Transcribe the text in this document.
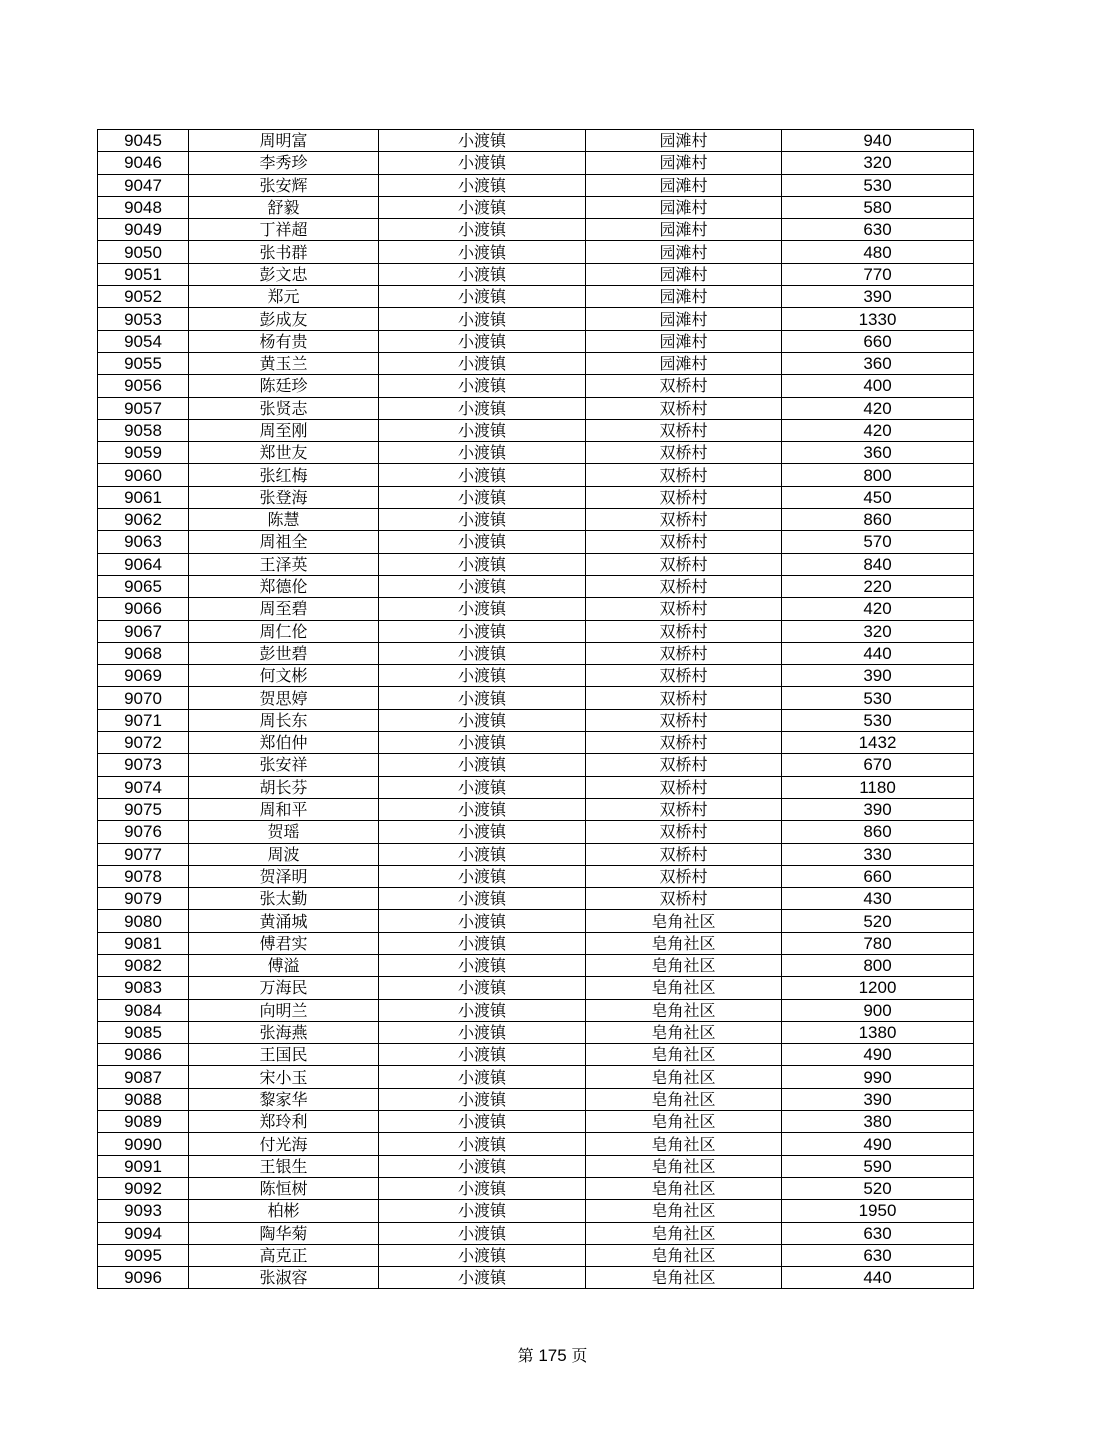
9045	周明富	小渡镇	园滩村	940
9046	李秀珍	小渡镇	园滩村	320
9047	张安辉	小渡镇	园滩村	530
9048	舒毅	小渡镇	园滩村	580
9049	丁祥超	小渡镇	园滩村	630
9050	张书群	小渡镇	园滩村	480
9051	彭文忠	小渡镇	园滩村	770
9052	郑元	小渡镇	园滩村	390
9053	彭成友	小渡镇	园滩村	1330
9054	杨有贵	小渡镇	园滩村	660
9055	黄玉兰	小渡镇	园滩村	360
9056	陈廷珍	小渡镇	双桥村	400
9057	张贤志	小渡镇	双桥村	420
9058	周至刚	小渡镇	双桥村	420
9059	郑世友	小渡镇	双桥村	360
9060	张红梅	小渡镇	双桥村	800
9061	张登海	小渡镇	双桥村	450
9062	陈慧	小渡镇	双桥村	860
9063	周祖全	小渡镇	双桥村	570
9064	王泽英	小渡镇	双桥村	840
9065	郑德伦	小渡镇	双桥村	220
9066	周至碧	小渡镇	双桥村	420
9067	周仁伦	小渡镇	双桥村	320
9068	彭世碧	小渡镇	双桥村	440
9069	何文彬	小渡镇	双桥村	390
9070	贺思婷	小渡镇	双桥村	530
9071	周长东	小渡镇	双桥村	530
9072	郑伯仲	小渡镇	双桥村	1432
9073	张安祥	小渡镇	双桥村	670
9074	胡长芬	小渡镇	双桥村	1180
9075	周和平	小渡镇	双桥村	390
9076	贺瑶	小渡镇	双桥村	860
9077	周波	小渡镇	双桥村	330
9078	贺泽明	小渡镇	双桥村	660
9079	张太勤	小渡镇	双桥村	430
9080	黄涌城	小渡镇	皂角社区	520
9081	傅君实	小渡镇	皂角社区	780
9082	傅溢	小渡镇	皂角社区	800
9083	万海民	小渡镇	皂角社区	1200
9084	向明兰	小渡镇	皂角社区	900
9085	张海燕	小渡镇	皂角社区	1380
9086	王国民	小渡镇	皂角社区	490
9087	宋小玉	小渡镇	皂角社区	990
9088	黎家华	小渡镇	皂角社区	390
9089	郑玲利	小渡镇	皂角社区	380
9090	付光海	小渡镇	皂角社区	490
9091	王银生	小渡镇	皂角社区	590
9092	陈恒树	小渡镇	皂角社区	520
9093	柏彬	小渡镇	皂角社区	1950
9094	陶华菊	小渡镇	皂角社区	630
9095	高克正	小渡镇	皂角社区	630
9096	张淑容	小渡镇	皂角社区	440
第 175 页
